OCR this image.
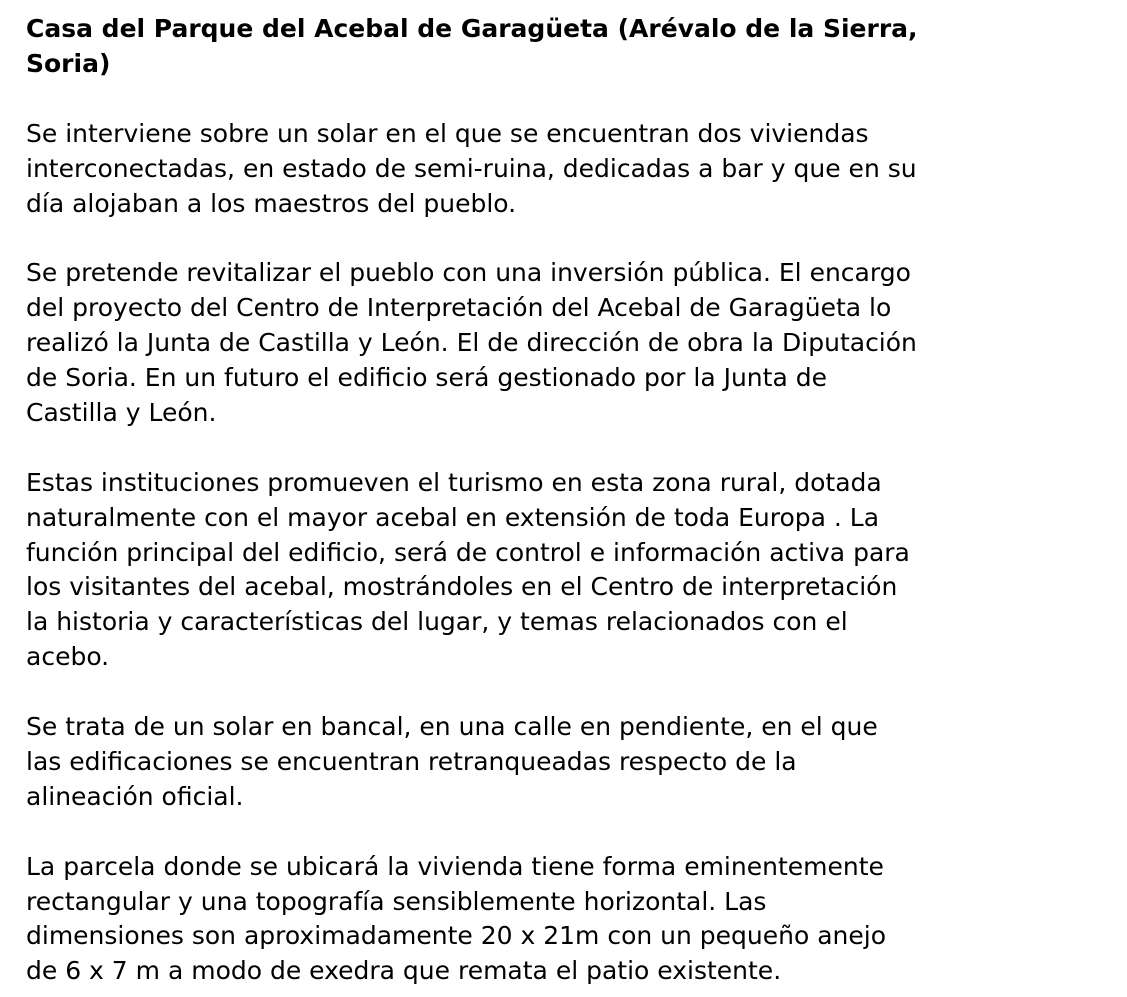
Casa del Parque del Acebal de Garagüeta (Arévalo de la Sierra,
Soria)

Se interviene sobre un solar en el que se encuentran dos viviendas
interconectadas, en estado de semi-ruina, dedicadas a bar y que en su
día alojaban a los maestros del pueblo.

Se pretende revitalizar el pueblo con una inversión pública. El encargo
del proyecto del Centro de Interpretación del Acebal de Garagüeta lo
realizó la Junta de Castilla y León. El de dirección de obra la Diputación
de Soria. En un futuro el edificio será gestionado por la Junta de
Castilla y León.

Estas instituciones promueven el turismo en esta zona rural, dotada
naturalmente con el mayor acebal en extensión de toda Europa . La
función principal del edificio, será de control e información activa para
los visitantes del acebal, mostrándoles en el Centro de interpretación
la historia y características del lugar, y temas relacionados con el
acebo.

Se trata de un solar en bancal, en una calle en pendiente, en el que
las edificaciones se encuentran retranqueadas respecto de la
alineación oficial.

La parcela donde se ubicará la vivienda tiene forma eminentemente
rectangular y una topografía sensiblemente horizontal. Las
dimensiones son aproximadamente 20 x 21m con un pequeño anejo
de 6 x 7 m a modo de exedra que remata el patio existente.
